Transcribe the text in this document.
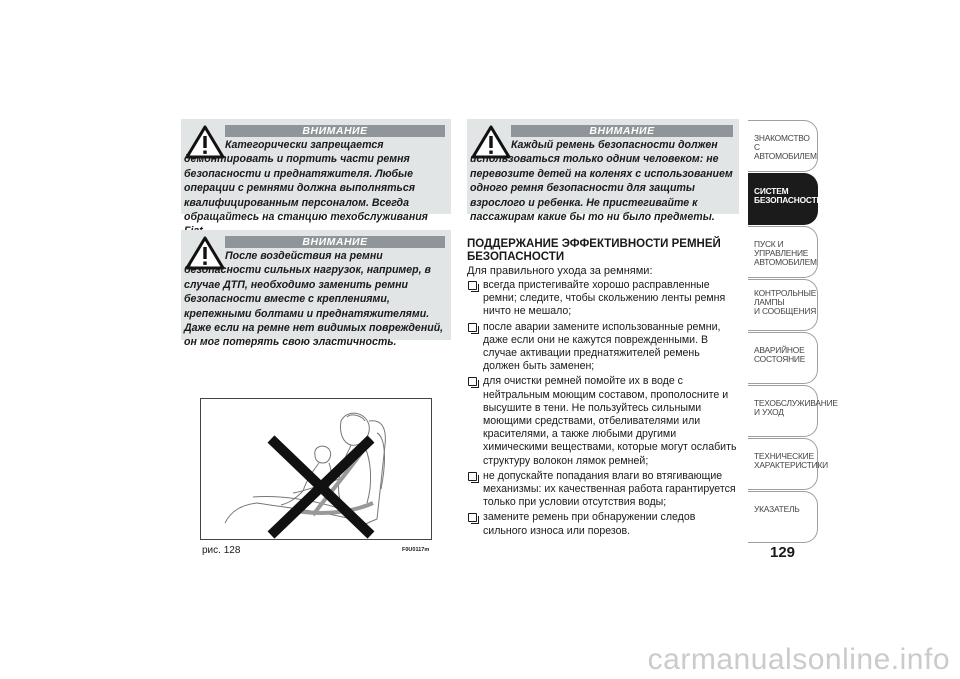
ВНИМАНИЕ
Категорически запрещается демонтировать и портить части ремня безопасности и преднатяжителя. Любые операции с ремнями должна выполняться квалифицированным персоналом. Всегда обращайтесь на станцию техобслуживания
ВНИМАНИЕ
После воздействия на ремни безопасности сильных нагрузок, например, в случае ДТП, необходимо заменить ремни безопасности вместе с креплениями, крепежными болтами и преднатяжителями. Даже если на ремне нет видимых повреждений, он мог потерять свою эластичность.
ВНИМАНИЕ
Каждый ремень безопасности должен использоваться только одним человеком: не перевозите детей на коленях с использованием одного ремня безопасности для защиты взрослого и ребенка. Не пристегивайте к пассажирам какие бы то ни было предметы.
ПОДДЕРЖАНИЕ ЭФФЕКТИВНОСТИ РЕМНЕЙ БЕЗОПАСНОСТИ
Для правильного ухода за ремнями:
всегда пристегивайте хорошо расправленные ремни; следите, чтобы скольжению ленты ремня ничто не мешало;
после аварии замените использованные ремни, даже если они не кажутся поврежденными. В случае активации преднатяжителей ремень должен быть заменен;
для очистки ремней помойте их в воде с нейтральным моющим составом, прополосните и высушите в тени. Не пользуйтесь сильными моющими средствами, отбеливателями или красителями, а также любыми другими химическими веществами, которые могут ослабить структуру волокон лямок ремней;
не допускайте попадания влаги во втягивающие механизмы: их качественная работа гарантируется только при условии отсутствия воды;
замените ремень при обнаружении следов сильного износа или порезов.
рис. 128	F0U0117m
ЗНАКОМСТВО С
АВТОМОБИЛЕМ
СИСТЕМ
БЕЗОПАСНОСТИ
ПУСК И УПРАВЛЕНИЕ
АВТОМОБИЛЕМ
КОНТРОЛЬНЫЕ
ЛАМПЫ
И СООБЩЕНИЯ
АВАРИЙНОЕ
СОСТОЯНИЕ
ТЕХОБСЛУЖИВАНИЕ
И УХОД
ТЕХНИЧЕСКИЕ
ХАРАКТЕРИСТИКИ
УКАЗАТЕЛЬ
129
carmanualsonline.info
